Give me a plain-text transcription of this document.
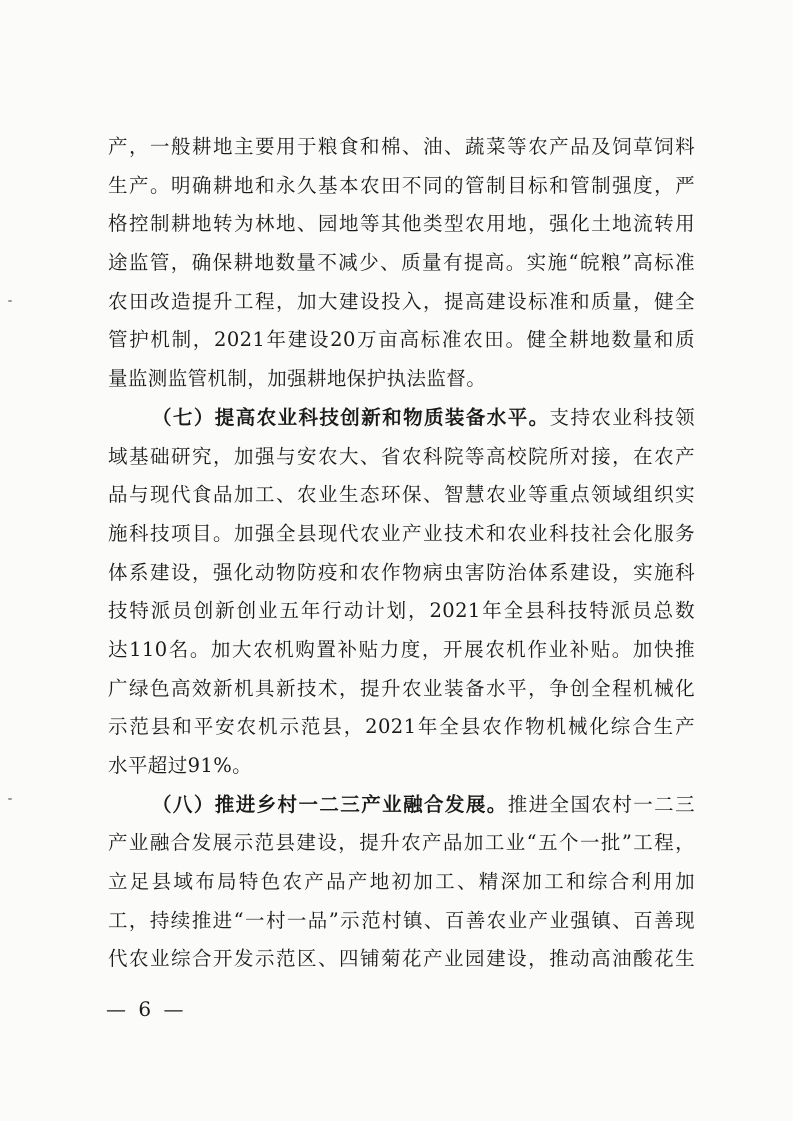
产，一般耕地主要用于粮食和棉、油、蔬菜等农产品及饲草饲料

生产。明确耕地和永久基本农田不同的管制目标和管制强度，严

格控制耕地转为林地、园地等其他类型农用地，强化土地流转用

途监管，确保耕地数量不减少、质量有提高。实施“皖粮”高标准

农田改造提升工程，加大建设投入，提高建设标准和质量，健全

管护机制，2021年建设20万亩高标准农田。健全耕地数量和质

量监测监管机制，加强耕地保护执法监督。

（七）提高农业科技创新和物质装备水平。支持农业科技领

域基础研究，加强与安农大、省农科院等高校院所对接，在农产

品与现代食品加工、农业生态环保、智慧农业等重点领域组织实

施科技项目。加强全县现代农业产业技术和农业科技社会化服务

体系建设，强化动物防疫和农作物病虫害防治体系建设，实施科

技特派员创新创业五年行动计划，2021年全县科技特派员总数

达110名。加大农机购置补贴力度，开展农机作业补贴。加快推

广绿色高效新机具新技术，提升农业装备水平，争创全程机械化

示范县和平安农机示范县，2021年全县农作物机械化综合生产

水平超过91%。

（八）推进乡村一二三产业融合发展。推进全国农村一二三

产业融合发展示范县建设，提升农产品加工业“五个一批”工程，

立足县域布局特色农产品产地初加工、精深加工和综合利用加

工，持续推进“一村一品”示范村镇、百善农业产业强镇、百善现

代农业综合开发示范区、四铺菊花产业园建设，推动高油酸花生

— 6 —
